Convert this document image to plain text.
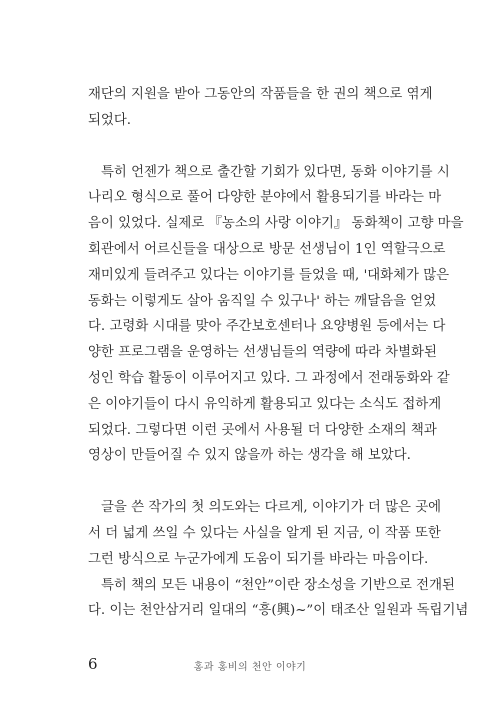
재단의 지원을 받아 그동안의 작품들을 한 권의 책으로 엮게
되었다.
특히 언젠가 책으로 출간할 기회가 있다면, 동화 이야기를 시
나리오 형식으로 풀어 다양한 분야에서 활용되기를 바라는 마
음이 있었다. 실제로 『농소의 사랑 이야기』 동화책이 고향 마을
회관에서 어르신들을 대상으로 방문 선생님이 1인 역할극으로
재미있게 들려주고 있다는 이야기를 들었을 때, '대화체가 많은
동화는 이렇게도 살아 움직일 수 있구나' 하는 깨달음을 얻었
다. 고령화 시대를 맞아 주간보호센터나 요양병원 등에서는 다
양한 프로그램을 운영하는 선생님들의 역량에 따라 차별화된
성인 학습 활동이 이루어지고 있다. 그 과정에서 전래동화와 같
은 이야기들이 다시 유익하게 활용되고 있다는 소식도 접하게
되었다. 그렇다면 이런 곳에서 사용될 더 다양한 소재의 책과
영상이 만들어질 수 있지 않을까 하는 생각을 해 보았다.
글을 쓴 작가의 첫 의도와는 다르게, 이야기가 더 많은 곳에
서 더 넓게 쓰일 수 있다는 사실을 알게 된 지금, 이 작품 또한
그런 방식으로 누군가에게 도움이 되기를 바라는 마음이다.
특히 책의 모든 내용이 “천안”이란 장소성을 기반으로 전개된
다. 이는 천안삼거리 일대의 “흥(興)~”이 태조산 일원과 독립기념
6	홍과 홍비의 천안 이야기
